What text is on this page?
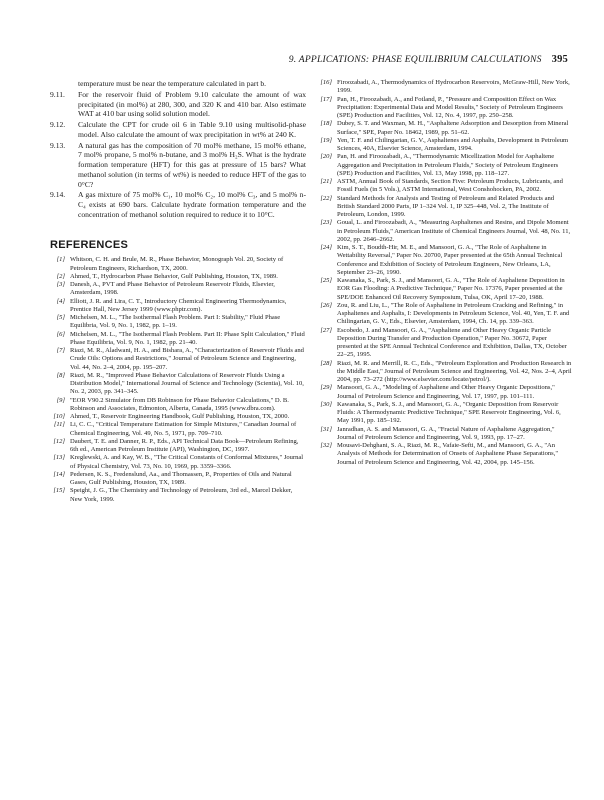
9. APPLICATIONS: PHASE EQUILIBRIUM CALCULATIONS 395
temperature must be near the temperature calculated in part b.
9.11. For the reservoir fluid of Problem 9.10 calculate the amount of wax precipitated (in mol%) at 280, 300, and 320 K and 410 bar. Also estimate WAT at 410 bar using solid solution model.
9.12. Calculate the CPT for crude oil 6 in Table 9.10 using multisolid-phase model. Also calculate the amount of wax precipitation in wt% at 240 K.
9.13. A natural gas has the composition of 70 mol% methane, 15 mol% ethane, 7 mol% propane, 5 mol% n-butane, and 3 mol% H₂S. What is the hydrate formation temperature (HFT) for this gas at pressure of 15 bars? What methanol solution (in terms of wt%) is needed to reduce HFT of the gas to 0°C?
9.14. A gas mixture of 75 mol% C₁, 10 mol% C₂, 10 mol% C₃, and 5 mol% n-C₄ exists at 690 bars. Calculate hydrate formation temperature and the concentration of methanol solution required to reduce it to 10°C.
REFERENCES
[1] Whitson, C. H. and Brule, M. R., Phase Behavior, Monograph Vol. 20, Society of Petroleum Engineers, Richardson, TX, 2000.
[2] Ahmed, T., Hydrocarbon Phase Behavior, Gulf Publishing, Houston, TX, 1989.
[3] Danesh, A., PVT and Phase Behavior of Petroleum Reservoir Fluids, Elsevier, Amsterdam, 1998.
[4] Elliott, J. R. and Lira, C. T., Introductory Chemical Engineering Thermodynamics, Prentice Hall, New Jersey 1999 (www.phptr.com).
[5] Michelsen, M. L., "The Isothermal Flash Problem. Part I: Stability," Fluid Phase Equilibria, Vol. 9, No. 1, 1982, pp. 1–19.
[6] Michelsen, M. L., "The Isothermal Flash Problem. Part II: Phase Split Calculation," Fluid Phase Equilibria, Vol. 9, No. 1, 1982, pp. 21–40.
[7] Riazi, M. R., Aladwani, H. A., and Bishara, A., "Characterization of Reservoir Fluids and Crude Oils: Options and Restrictions," Journal of Petroleum Science and Engineering, Vol. 44, No. 2–4, 2004, pp. 195–207.
[8] Riazi, M. R., "Improved Phase Behavior Calculations of Reservoir Fluids Using a Distribution Model," International Journal of Science and Technology (Scientia), Vol. 10, No. 2, 2003, pp. 341–345.
[9] "EOR V90.2 Simulator from DB Robinson for Phase Behavior Calculations," D. B. Robinson and Associates, Edmonton, Alberta, Canada, 1995 (www.dbra.com).
[10] Ahmed, T., Reservoir Engineering Handbook, Gulf Publishing, Houston, TX, 2000.
[11] Li, C. C., "Critical Temperature Estimation for Simple Mixtures," Canadian Journal of Chemical Engineering, Vol. 49, No. 5, 1971, pp. 709–710.
[12] Daubert, T. E. and Danner, R. P., Eds., API Technical Data Book—Petroleum Refining, 6th ed., American Petroleum Institute (API), Washington, DC, 1997.
[13] Kreglewski, A. and Kay, W. B., "The Critical Constants of Conformal Mixtures," Journal of Physical Chemistry, Vol. 73, No. 10, 1969, pp. 3359–3366.
[14] Pedersen, K. S., Fredenslund, Aa., and Thomassen, P., Properties of Oils and Natural Gases, Gulf Publishing, Houston, TX, 1989.
[15] Speight, J. G., The Chemistry and Technology of Petroleum, 3rd ed., Marcel Dekker, New York, 1999.
[16] Firoozabadi, A., Thermodynamics of Hydrocarbon Reservoirs, McGraw-Hill, New York, 1999.
[17] Pan, H., Firoozabadi, A., and Fotland, P., "Pressure and Composition Effect on Wax Precipitation: Experimental Data and Model Results," Society of Petroleum Engineers (SPE) Production and Facilities, Vol. 12, No. 4, 1997, pp. 250–258.
[18] Dubey, S. T. and Waxman, M. H., "Asphaltene Adsorption and Desorption from Mineral Surface," SPE, Paper No. 18462, 1989, pp. 51–62.
[19] Yen, T. F. and Chilingarian, G. V., Asphaltenes and Asphalts, Development in Petroleum Sciences, 40A, Elsevier Science, Amsterdam, 1994.
[20] Pan, H. and Firoozabadi, A., "Thermodynamic Micellization Model for Asphaltene Aggregation and Precipitation in Petroleum Fluids," Society of Petroleum Engineers (SPE) Production and Facilities, Vol. 13, May 1998, pp. 118–127.
[21] ASTM, Annual Book of Standards, Section Five: Petroleum Products, Lubricants, and Fossil Fuels (in 5 Vols.), ASTM International, West Conshohocken, PA, 2002.
[22] Standard Methods for Analysis and Testing of Petroleum and Related Products and British Standard 2000 Parts, IP 1–324 Vol. 1, IP 325–448, Vol. 2, The Institute of Petroleum, London, 1999.
[23] Goual, L. and Firoozabadi, A., "Measuring Asphaltenes and Resins, and Dipole Moment in Petroleum Fluids," American Institute of Chemical Engineers Journal, Vol. 48, No. 11, 2002, pp. 2646–2662.
[24] Kim, S. T., Boudth-Hir, M. E., and Mansoori, G. A., "The Role of Asphaltene in Wettability Reversal," Paper No. 20700, Paper presented at the 65th Annual Technical Conference and Exhibition of Society of Petroleum Engineers, New Orleans, LA, September 23–26, 1990.
[25] Kawanaka, S., Park, S. J., and Mansoori, G. A., "The Role of Asphaltene Deposition in EOR Gas Flooding: A Predictive Technique," Paper No. 17376, Paper presented at the SPE/DOE Enhanced Oil Recovery Symposium, Tulsa, OK, April 17–20, 1988.
[26] Zou, R. and Liu, L., "The Role of Asphaltene in Petroleum Cracking and Refining," in Asphaltenes and Asphalts, I: Developments in Petroleum Science, Vol. 40, Yen, T. F. and Chilingarian, G. V., Eds., Elsevier, Amsterdam, 1994, Ch. 14, pp. 339–363.
[27] Escobedo, J. and Mansoori, G. A., "Asphaltene and Other Heavy Organic Particle Deposition During Transfer and Production Operation," Paper No. 30672, Paper presented at the SPE Annual Technical Conference and Exhibition, Dallas, TX, October 22–25, 1995.
[28] Riazi, M. R. and Merrill, R. C., Eds., "Petroleum Exploration and Production Research in the Middle East," Journal of Petroleum Science and Engineering, Vol. 42, Nos. 2–4, April 2004, pp. 73–272 (http://www.elsevier.com/locate/petrol/).
[29] Mansoori, G. A., "Modeling of Asphaltene and Other Heavy Organic Depositions," Journal of Petroleum Science and Engineering, Vol. 17, 1997, pp. 101–111.
[30] Kawanaka, S., Park, S. J., and Mansoori, G. A., "Organic Deposition from Reservoir Fluids: A Thermodynamic Predictive Technique," SPE Reservoir Engineering, Vol. 6, May 1991, pp. 185–192.
[31] Janradhan, A. S. and Mansoori, G. A., "Fractal Nature of Asphaltene Aggregation," Journal of Petroleum Science and Engineering, Vol. 9, 1993, pp. 17–27.
[32] Mousavi-Dehghani, S. A., Riazi, M. R., Vafaie-Sefti, M., and Mansoori, G. A., "An Analysis of Methods for Determination of Onsets of Asphaltene Phase Separations," Journal of Petroleum Science and Engineering, Vol. 42, 2004, pp. 145–156.
